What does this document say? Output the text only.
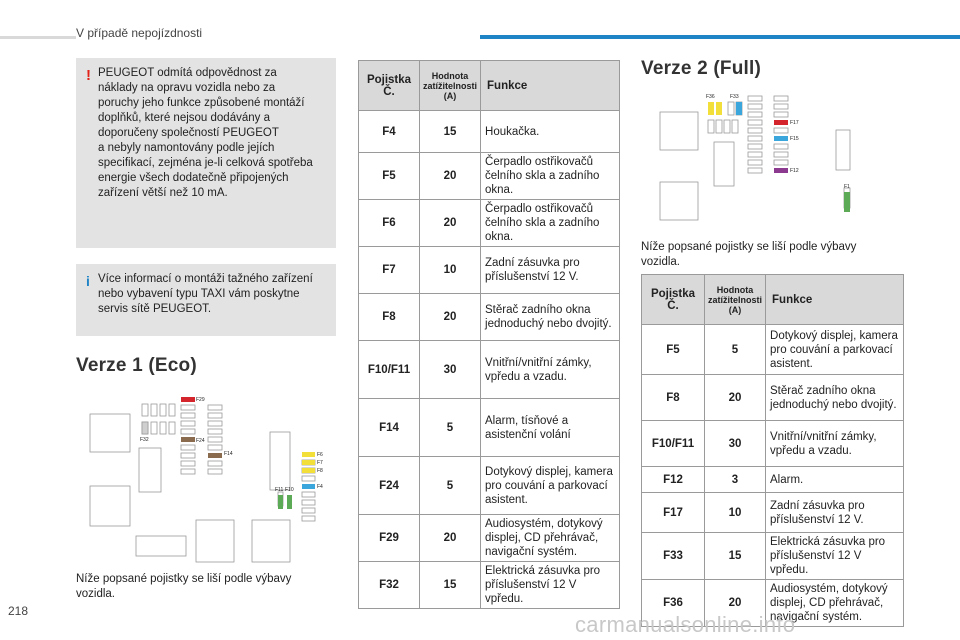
V případě nepojízdnosti
! PEUGEOT odmítá odpovědnost za
náklady na opravu vozidla nebo za
poruchy jeho funkce způsobené montáží
doplňků, které nejsou dodávány a
doporučeny společností PEUGEOT
a nebyly namontovány podle jejích
specifikací, zejména je-li celková spotřeba
energie všech dodatečně připojených
zařízení větší než 10 mA.
i Více informací o montáži tažného zařízení
nebo vybavení typu TAXI vám poskytne
servis sítě PEUGEOT.
Verze 1 (Eco)
F29
F32	F24
F14	F6
F7
F8
F4
F11 F10
Níže popsané pojistky se liší podle výbavy
vozidla.
Pojistka
Č.	Hodnota
zatížitelnosti
(A)	Funkce
F4	15	Houkačka.
F5	20	Čerpadlo ostřikovačů čelního skla a zadního okna.
F6	20	Čerpadlo ostřikovačů čelního skla a zadního okna.
F7	10	Zadní zásuvka pro příslušenství 12 V.
F8	20	Stěrač zadního okna jednoduchý nebo dvojitý.
F10/F11	30	Vnitřní/vnitřní zámky, vpředu a vzadu.
F14	5	Alarm, tísňové a asistenční volání
F24	5	Dotykový displej, kamera pro couvání a parkovací asistent.
F29	20	Audiosystém, dotykový displej, CD přehrávač, navigační systém.
F32	15	Elektrická zásuvka pro příslušenství 12 V vpředu.
Verze 2 (Full)
F36	F33
F17
F15
F12
F1
Níže popsané pojistky se liší podle výbavy
vozidla.
Pojistka
Č.	Hodnota
zatížitelnosti
(A)	Funkce
F5	5	Dotykový displej, kamera pro couvání a parkovací asistent.
F8	20	Stěrač zadního okna jednoduchý nebo dvojitý.
F10/F11	30	Vnitřní/vnitřní zámky, vpředu a vzadu.
F12	3	Alarm.
F17	10	Zadní zásuvka pro příslušenství 12 V.
F33	15	Elektrická zásuvka pro příslušenství 12 V vpředu.
F36	20	Audiosystém, dotykový displej, CD přehrávač, navigační systém.
218
carmanualsonline.info
